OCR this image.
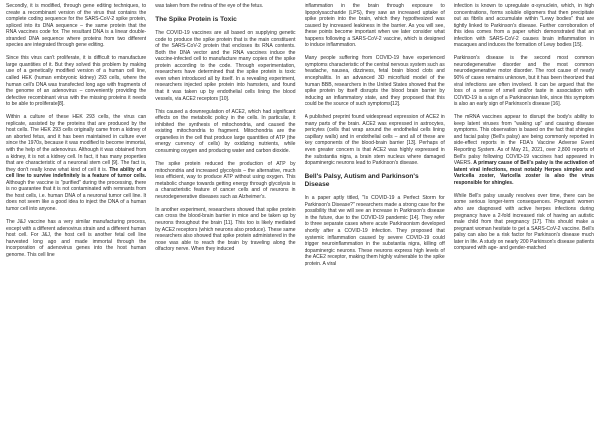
Secondly, it is modified, through gene editing techniques, to create a recombinant version of the virus that contains the complete coding sequence for the SARS-CoV-2 spike protein, spliced into its DNA sequence – the same protein that the RNA vaccines code for. The resultant DNA is a linear double-stranded DNA sequence where proteins from two different species are integrated through gene editing.

Since this virus can't proliferate, it is difficult to manufacture large quantities of it. But they solved this problem by making use of a genetically modified version of a human cell line, called HEK (human embryonic kidney) 293 cells, where the human cell's DNA was transfected long ago with fragments of the genome of an adenovirus – conveniently providing the defective recombinant virus with the missing proteins it needs to be able to proliferate[8].

Within a culture of these HEK 293 cells, the virus can replicate, assisted by the proteins that are produced by the host cells. The HEK 293 cells originally came from a kidney of an aborted fetus, and it has been maintained in culture ever since the 1970s, because it was modified to become immortal, with the help of the adenovirus. Although it was obtained from a kidney, it is not a kidney cell. In fact, it has many properties that are characteristic of a neuronal stem cell [9]. The fact is, they don't really know what kind of cell it is. The ability of a cell line to survive indefinitely is a feature of tumor cells. Although the vaccine is "purified" during the processing, there is no guarantee that it is not contaminated with remnants from the host cells, i.e. human DNA of a neuronal tumor cell line. It does not seem like a good idea to inject the DNA of a human tumor cell into anyone.

The J&J vaccine has a very similar manufacturing process, except with a different adenovirus strain and a different human host cell. For J&J, the host cell is another fetal cell line harvested long ago and made immortal through the incorporation of adenovirus genes into the host human genome. This cell line

was taken from the retina of the eye of the fetus.

The Spike Protein is Toxic

The COVID-19 vaccines are all based on supplying genetic code to produce the spike protein that is the main constituent of the SARS-CoV-2 protein that encloses its RNA contents. Both the DNA vector and the RNA vaccines induce the vaccine-infected cell to manufacture many copies of the spike protein according to the code. Through experimentation, researchers have determined that the spike protein is toxic even when introduced all by itself. In a revealing experiment, researchers injected spike protein into hamsters, and found that it was taken up by endothelial cells lining the blood vessels, via ACE2 receptors [10].

This caused a downregulation of ACE2, which had significant effects on the metabolic policy in the cells. In particular, it inhibited the synthesis of mitochondria, and caused the existing mitochondria to fragment. Mitochondria are the organelles in the cell that produce large quantities of ATP (the energy currency of cells) by oxidizing nutrients, while consuming oxygen and producing water and carbon dioxide.

The spike protein reduced the production of ATP by mitochondria and increased glycolysis – the alternative, much less efficient, way to produce ATP without using oxygen. This metabolic change towards getting energy through glycolysis is a characteristic feature of cancer cells and of neurons in neurodegenerative diseases such as Alzheimer's.

In another experiment, researchers showed that spike protein can cross the blood-brain barrier in mice and be taken up by neurons throughout the brain [11]. This too is likely mediated by ACE2 receptors (which neurons also produce). These same researchers also showed that spike protein administered in the nose was able to reach the brain by traveling along the olfactory nerve. When they induced

inflammation in the brain through exposure to lipopolysaccharide (LPS), they saw an increased uptake of spike protein into the brain, which they hypothesized was caused by increased leakiness in the barrier. As you will see, these points become important when we later consider what happens following a SARS-CoV-2 vaccine, which is designed to induce inflammation.

Many people suffering from COVID-19 have experienced symptoms characteristic of the central nervous system such as headache, nausea, dizziness, fetal brain blood clots and encephalitis. In an advanced 3D microfluid model of the human BBB, researchers in the United States showed that the spike protein by itself disrupts the blood brain barrier by inducing an inflammatory state, and they proposed that this could be the source of such symptoms[12].

A published preprint found widespread expression of ACE2 in many parts of the brain. ACE2 was expressed in astrocytes, pericytes (cells that wrap around the endothelial cells lining capillary walls) and in endothelial cells – and all of these are key components of the blood-brain barrier [13]. Perhaps of even greater concern is that ACE2 was highly expressed in the substantia nigra, a brain stem nucleus where damaged dopaminergic neurons lead to Parkinson's disease.

Bell's Palsy, Autism and Parkinson's Disease

In a paper aptly titled, "Is COVID-19 a Perfect Storm for Parkinson's Disease?" researchers made a strong case for the possibility that we will see an increase in Parkinson's disease in the future, due to the COVID-19 pandemic [14]. They refer to three separate cases where acute Parkinsonism developed shortly after a COVID-19 infection. They proposed that systemic inflammation caused by severe COVID-19 could trigger neuroinflammation in the substantia nigra, killing off dopaminergic neurons. These neurons express high levels of the ACE2 receptor, making them highly vulnerable to the spike protein. A viral

infection is known to upregulate α-synuclein, which, in high concentrations, forms soluble oligomers that then precipitate out as fibrils and accumulate within "Lewy bodies" that are tightly linked to Parkinson's disease. Further corroboration of this idea comes from a paper which demonstrated that an infection with SARS-CoV-2 causes brain inflammation in macaques and induces the formation of Lewy bodies [15].

Parkinson's disease is the second most common neurodegenerative disorder and the most common neurodegenerative motor disorder. The root cause of nearly 90% of cases remains unknown, but it has been theorized that viral infections are often involved. It can be argued that the loss of a sense of smell and/or taste in association with COVID-19 is a sign of a Parkinsonian link, since this symptom is also an early sign of Parkinson's disease [16].

The mRNA vaccines appear to disrupt the body's ability to keep latent viruses from "waking up" and causing disease symptoms. This observation is based on the fact that shingles and facial palsy (Bell's palsy) are being commonly reported in side-effect reports in the FDA's Vaccine Adverse Event Reporting System. As of May 21, 2021, over 2,800 reports of Bell's palsy following COVID-19 vaccines had appeared in VAERS. A primary cause of Bell's palsy is the activation of latent viral infections, most notably Herpes simplex and Varicella zoster, Varicella zoster is also the virus responsible for shingles.

While Bell's palsy usually resolves over time, there can be some serious longer-term consequences. Pregnant women who are diagnosed with active herpes infections during pregnancy have a 2-fold increased risk of having an autistic male child from that pregnancy [17]. This should make a pregnant woman hesitate to get a SARS-CoV-2 vaccine. Bell's palsy can also be a risk factor for Parkinson's disease much later in life. A study on nearly 200 Parkinson's disease patients compared with age- and gender-matched
